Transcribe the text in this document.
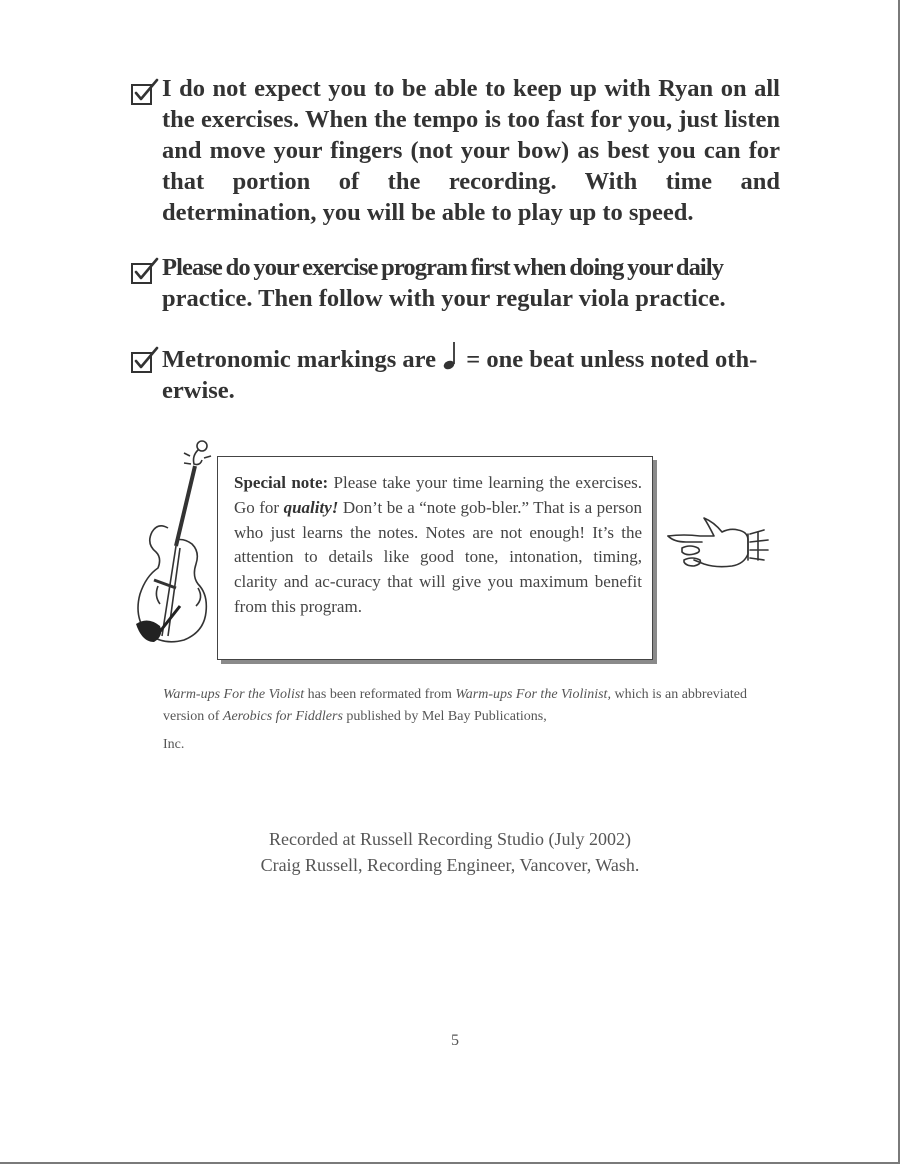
I do not expect you to be able to keep up with Ryan on all the exercises. When the tempo is too fast for you, just listen and move your fingers (not your bow) as best you can for that portion of the recording. With time and determination, you will be able to play up to speed.
Please do your exercise program first when doing your daily
practice. Then follow with your regular viola practice.
Metronomic markings are = one beat unless noted oth-
erwise.
Special note: Please take your time learning the exercises. Go for quality! Don’t be a “note gob-bler.” That is a person who just learns the notes. Notes are not enough! It’s the attention to details like good tone, intonation, timing, clarity and ac-curacy that will give you maximum benefit from this program.
Warm-ups For the Violist has been reformated from Warm-ups For the Violinist, which is an abbreviated version of Aerobics for Fiddlers published by Mel Bay Publications,
Inc.
Recorded at Russell Recording Studio (July 2002)
Craig Russell, Recording Engineer, Vancover, Wash.
5
